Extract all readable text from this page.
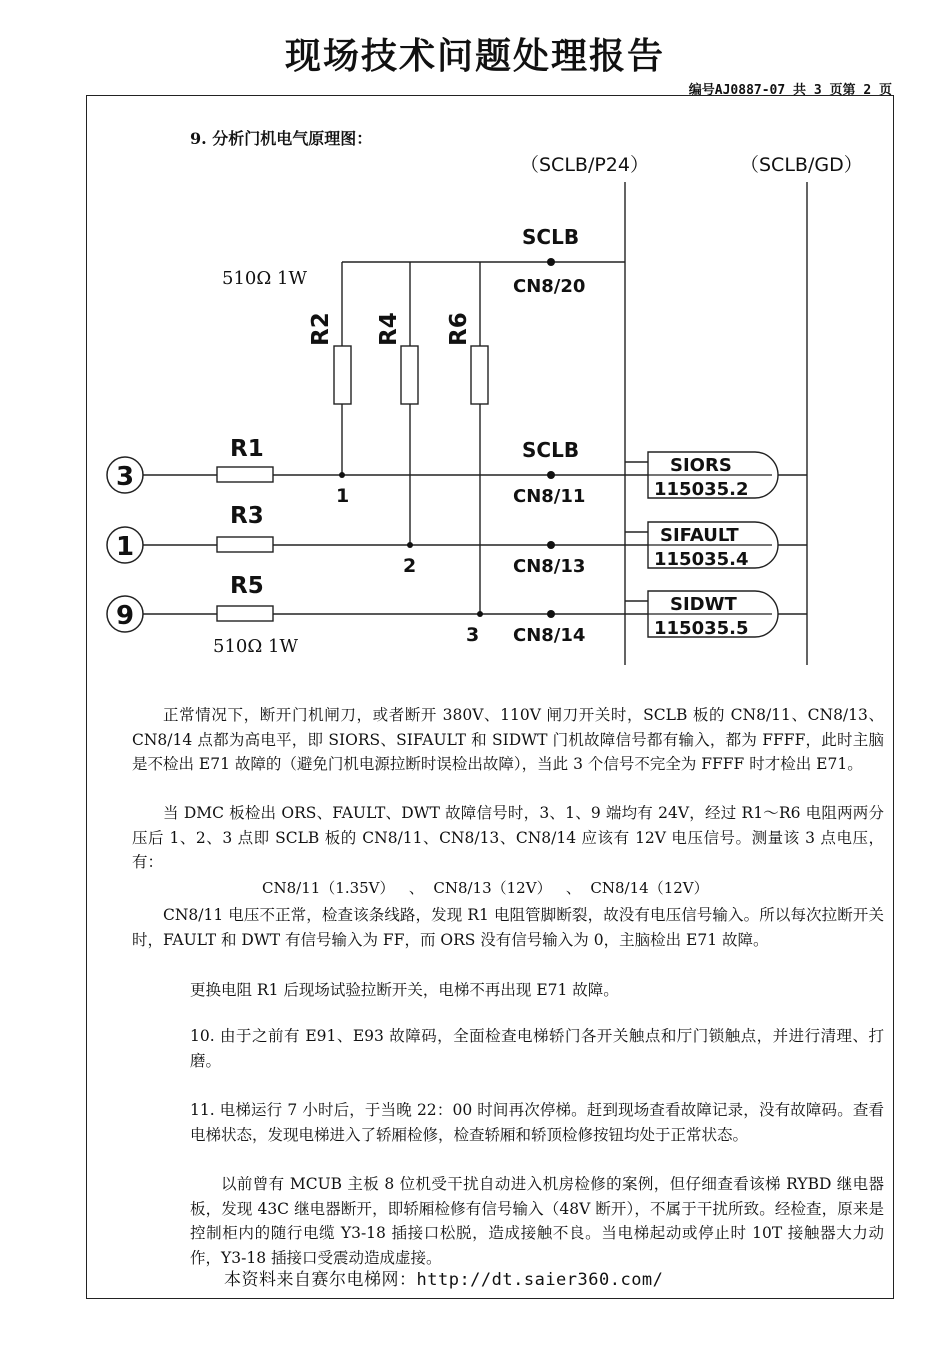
现场技术问题处理报告
编号AJ0887-07 共 3 页第 2 页
9. 分析门机电气原理图：
（SCLB/P24）	（SCLB/GD）
SCLB
CN8/20
510Ω 1W
R2 R4 R6
3
1
9
R1
R3
R5
510Ω 1W
1
2
3
SCLB
CN8/11
CN8/13
CN8/14
SIORS
115035.2
SIFAULT
115035.4
SIDWT
115035.5
正常情况下，断开门机闸刀，或者断开 380V、110V 闸刀开关时，SCLB 板的 CN8/11、CN8/13、CN8/14 点都为高电平，即 SIORS、SIFAULT 和 SIDWT 门机故障信号都有输入，都为 FFFF，此时主脑是不检出 E71 故障的（避免门机电源拉断时误检出故障），当此 3 个信号不完全为 FFFF 时才检出 E71。
当 DMC 板检出 ORS、FAULT、DWT 故障信号时，3、1、9 端均有 24V，经过 R1～R6 电阻两两分压后 1、2、3 点即 SCLB 板的 CN8/11、CN8/13、CN8/14 应该有 12V 电压信号。测量该 3 点电压，有：
CN8/11（1.35V）   、  CN8/13（12V）   、  CN8/14（12V）
CN8/11 电压不正常，检查该条线路，发现 R1 电阻管脚断裂，故没有电压信号输入。所以每次拉断开关时，FAULT 和 DWT 有信号输入为 FF，而 ORS 没有信号输入为 0，主脑检出 E71 故障。
更换电阻 R1 后现场试验拉断开关，电梯不再出现 E71 故障。
10. 由于之前有 E91、E93 故障码，全面检查电梯轿门各开关触点和厅门锁触点，并进行清理、打磨。
11. 电梯运行 7 小时后，于当晚 22：00 时间再次停梯。赶到现场查看故障记录，没有故障码。查看电梯状态，发现电梯进入了轿厢检修，检查轿厢和轿顶检修按钮均处于正常状态。
以前曾有 MCUB 主板 8 位机受干扰自动进入机房检修的案例，但仔细查看该梯 RYBD 继电器板，发现 43C 继电器断开，即轿厢检修有信号输入（48V 断开），不属于干扰所致。经检查，原来是控制柜内的随行电缆 Y3-18 插接口松脱，造成接触不良。当电梯起动或停止时 10T 接触器大力动作，Y3-18 插接口受震动造成虚接。
本资料来自赛尔电梯网：http://dt.saier360.com/
